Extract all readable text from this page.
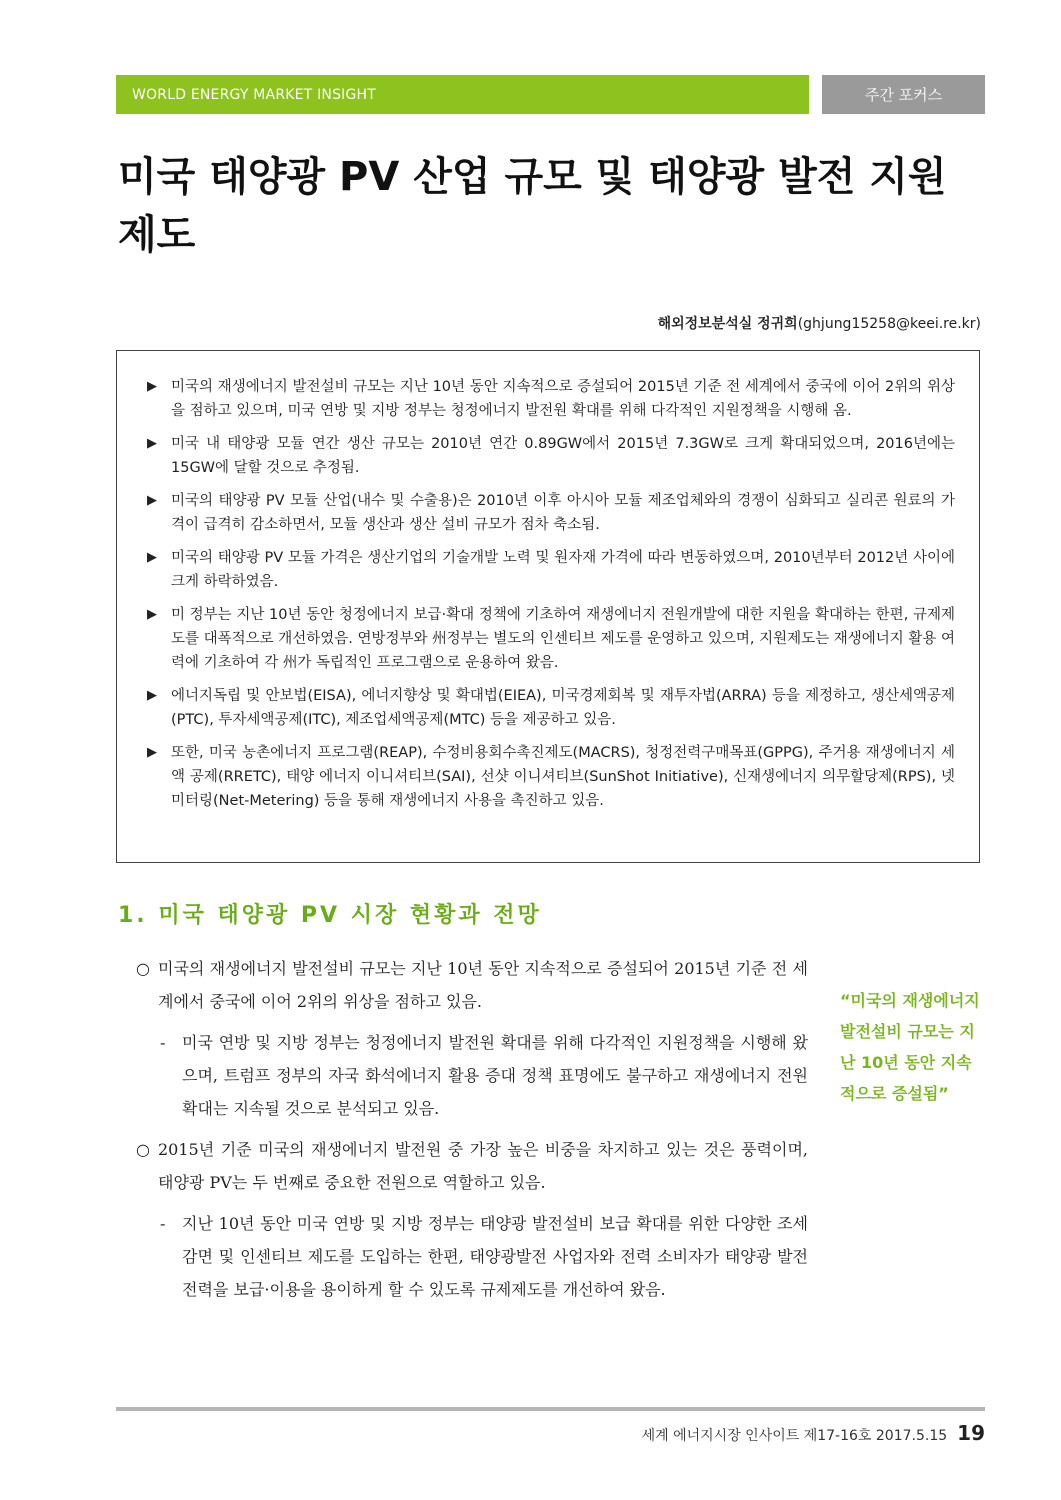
WORLD ENERGY MARKET INSIGHT	주간 포커스
미국 태양광 PV 산업 규모 및 태양광 발전 지원제도
해외정보분석실 정귀희(ghjung15258@keei.re.kr)
▶ 미국의 재생에너지 발전설비 규모는 지난 10년 동안 지속적으로 증설되어 2015년 기준 전 세계에서 중국에 이어 2위의 위상을 점하고 있으며, 미국 연방 및 지방 정부는 청정에너지 발전원 확대를 위해 다각적인 지원정책을 시행해 옴.
▶ 미국 내 태양광 모듈 연간 생산 규모는 2010년 연간 0.89GW에서 2015년 7.3GW로 크게 확대되었으며, 2016년에는 15GW에 달할 것으로 추정됨.
▶ 미국의 태양광 PV 모듈 산업(내수 및 수출용)은 2010년 이후 아시아 모듈 제조업체와의 경쟁이 심화되고 실리콘 원료의 가격이 급격히 감소하면서, 모듈 생산과 생산 설비 규모가 점차 축소됨.
▶ 미국의 태양광 PV 모듈 가격은 생산기업의 기술개발 노력 및 원자재 가격에 따라 변동하였으며, 2010년부터 2012년 사이에 크게 하락하였음.
▶ 미 정부는 지난 10년 동안 청정에너지 보급·확대 정책에 기초하여 재생에너지 전원개발에 대한 지원을 확대하는 한편, 규제제도를 대폭적으로 개선하였음. 연방정부와 州정부는 별도의 인센티브 제도를 운영하고 있으며, 지원제도는 재생에너지 활용 여력에 기초하여 각 州가 독립적인 프로그램으로 운용하여 왔음.
▶ 에너지독립 및 안보법(EISA), 에너지향상 및 확대법(EIEA), 미국경제회복 및 재투자법(ARRA) 등을 제정하고, 생산세액공제(PTC), 투자세액공제(ITC), 제조업세액공제(MTC) 등을 제공하고 있음.
▶ 또한, 미국 농촌에너지 프로그램(REAP), 수정비용회수촉진제도(MACRS), 청정전력구매목표(GPPG), 주거용 재생에너지 세액 공제(RRETC), 태양 에너지 이니셔티브(SAI), 선샷 이니셔티브(SunShot Initiative), 신재생에너지 의무할당제(RPS), 넷미터링(Net-Metering) 등을 통해 재생에너지 사용을 촉진하고 있음.
1. 미국 태양광 PV 시장 현황과 전망
○ 미국의 재생에너지 발전설비 규모는 지난 10년 동안 지속적으로 증설되어 2015년 기준 전 세계에서 중국에 이어 2위의 위상을 점하고 있음.
- 미국 연방 및 지방 정부는 청정에너지 발전원 확대를 위해 다각적인 지원정책을 시행해 왔으며, 트럼프 정부의 자국 화석에너지 활용 증대 정책 표명에도 불구하고 재생에너지 전원 확대는 지속될 것으로 분석되고 있음.
○ 2015년 기준 미국의 재생에너지 발전원 중 가장 높은 비중을 차지하고 있는 것은 풍력이며, 태양광 PV는 두 번째로 중요한 전원으로 역할하고 있음.
- 지난 10년 동안 미국 연방 및 지방 정부는 태양광 발전설비 보급 확대를 위한 다양한 조세감면 및 인센티브 제도를 도입하는 한편, 태양광발전 사업자와 전력 소비자가 태양광 발전전력을 보급·이용을 용이하게 할 수 있도록 규제제도를 개선하여 왔음.
“미국의 재생에너지 발전설비 규모는 지난 10년 동안 지속적으로 증설됨”
세계 에너지시장 인사이트 제17-16호 2017.5.15 19
